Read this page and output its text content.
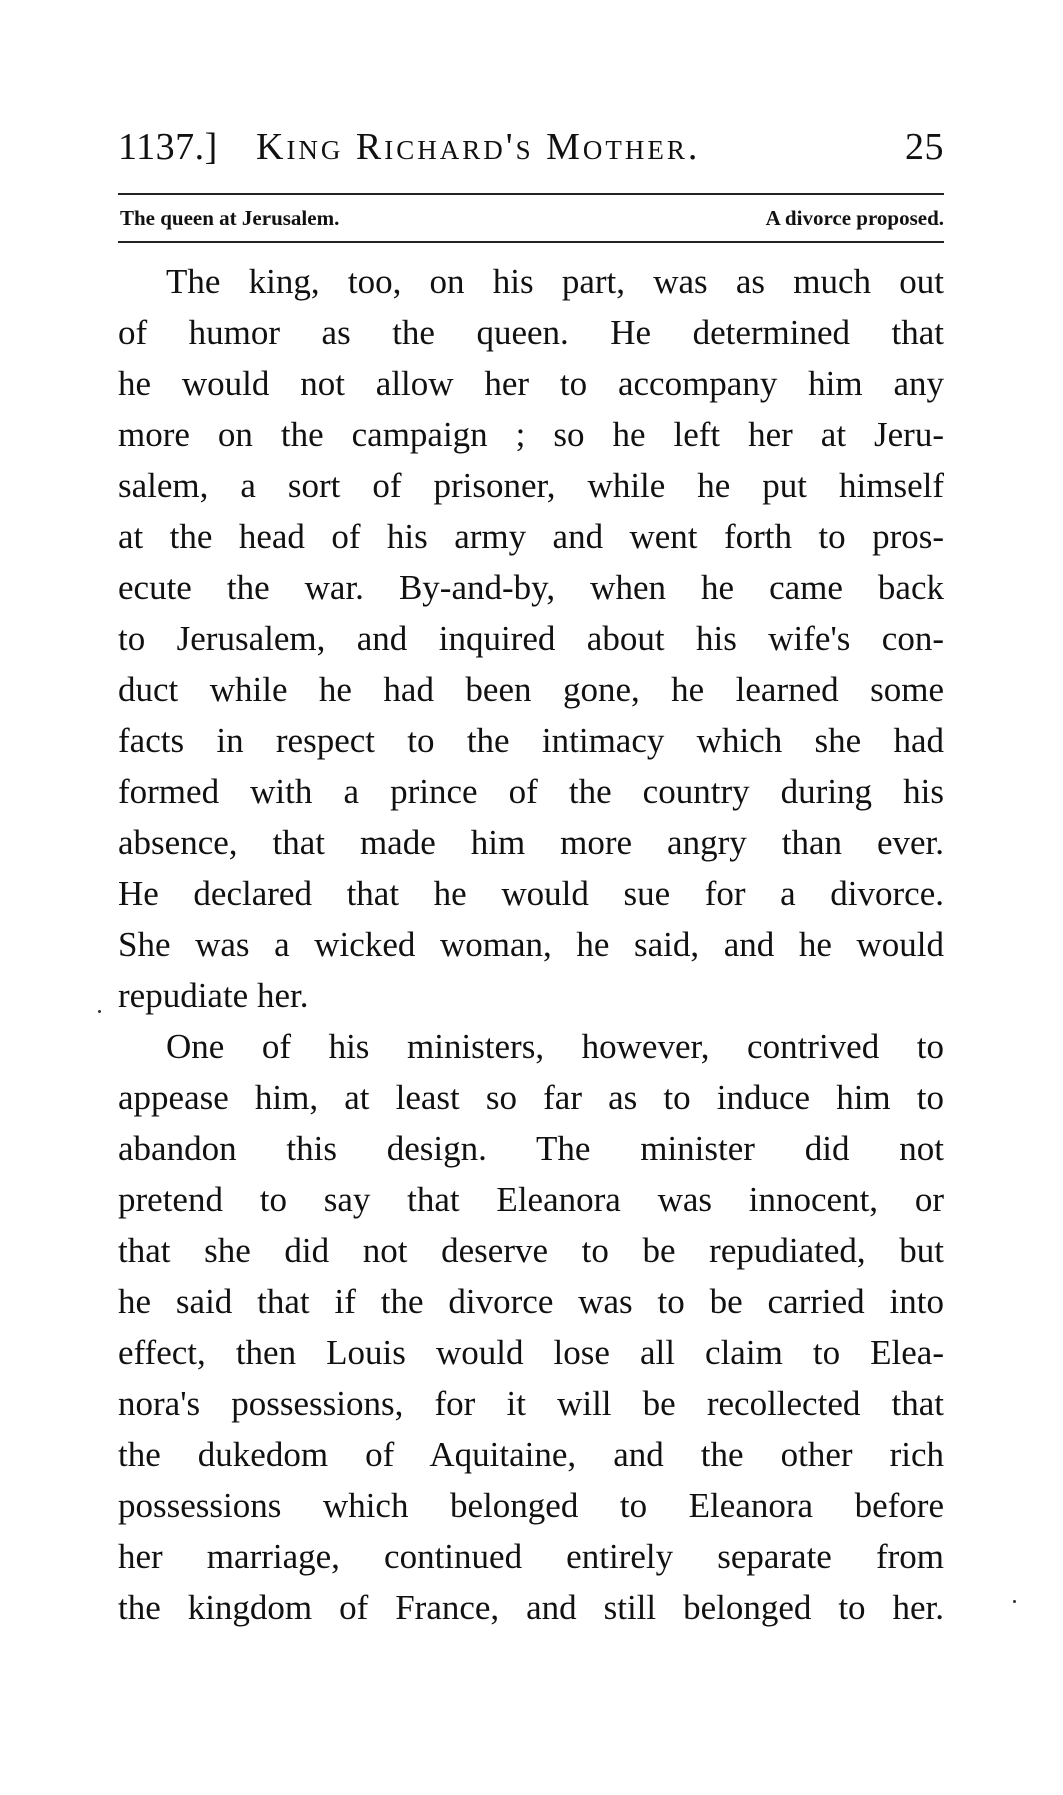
1137.] King Richard's Mother.	25
The queen at Jerusalem.	A divorce proposed.
The king, too, on his part, was as much out
of humor as the queen. He determined that
he would not allow her to accompany him any
more on the campaign ; so he left her at Jeru-
salem, a sort of prisoner, while he put himself
at the head of his army and went forth to pros-
ecute the war. By-and-by, when he came back
to Jerusalem, and inquired about his wife's con-
duct while he had been gone, he learned some
facts in respect to the intimacy which she had
formed with a prince of the country during his
absence, that made him more angry than ever.
He declared that he would sue for a divorce.
She was a wicked woman, he said, and he would
repudiate her.
One of his ministers, however, contrived to
appease him, at least so far as to induce him to
abandon this design. The minister did not
pretend to say that Eleanora was innocent, or
that she did not deserve to be repudiated, but
he said that if the divorce was to be carried into
effect, then Louis would lose all claim to Elea-
nora's possessions, for it will be recollected that
the dukedom of Aquitaine, and the other rich
possessions which belonged to Eleanora before
her marriage, continued entirely separate from
the kingdom of France, and still belonged to her.
